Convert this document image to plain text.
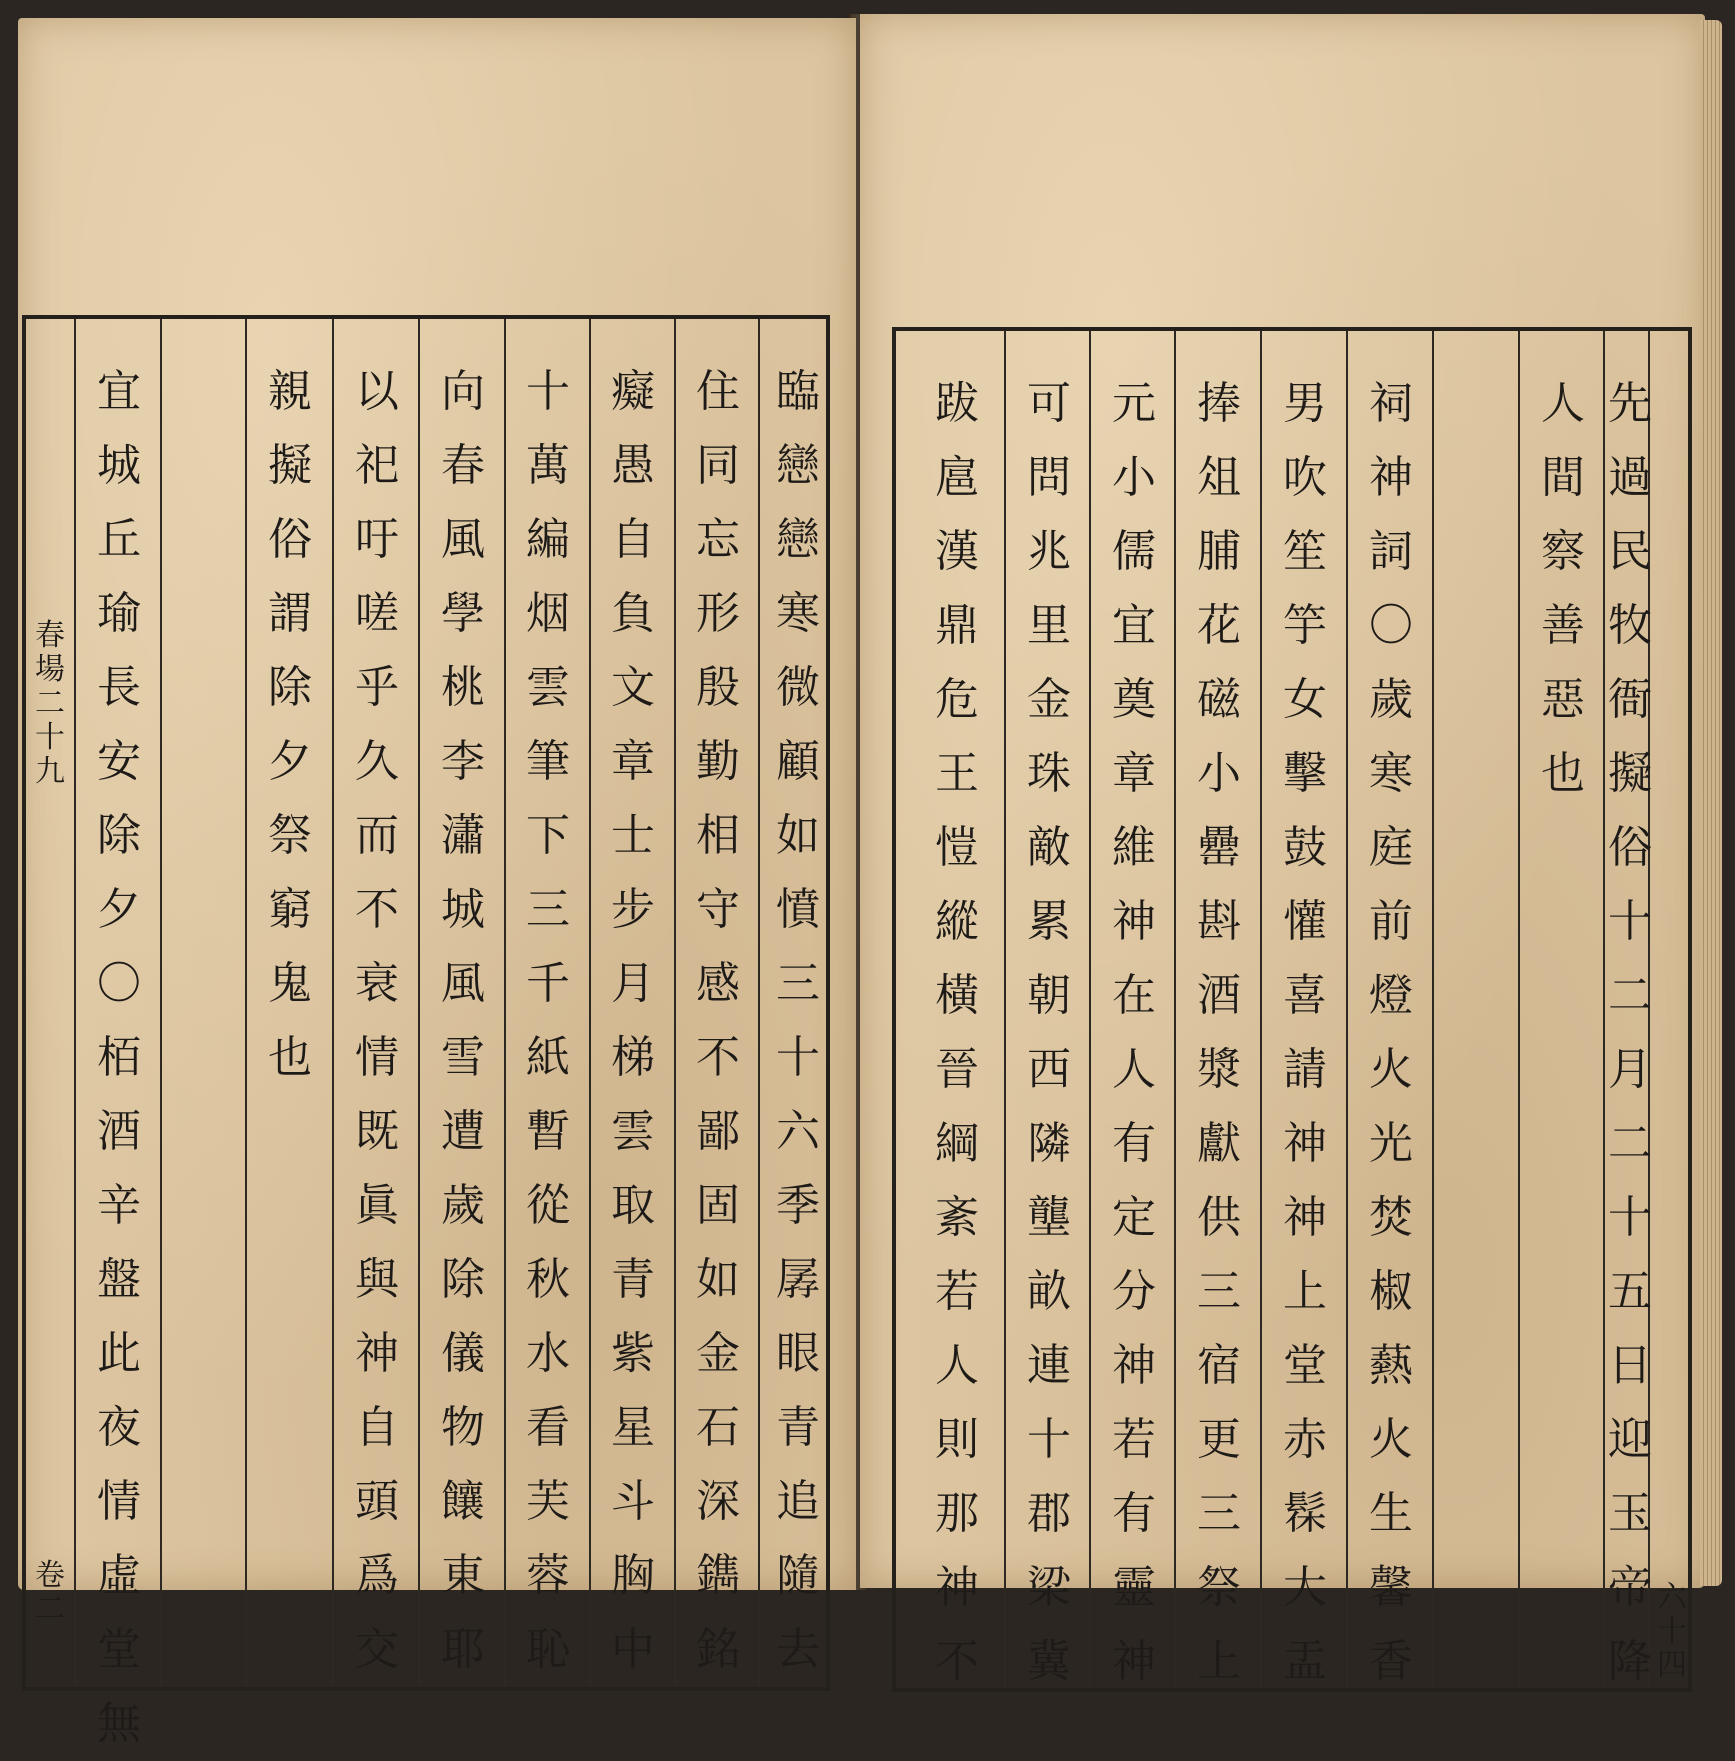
臨
戀
戀
寒
微
顧
如
憤
三
十
六
季
孱
眼
青
追
隨
去
住
同
忘
形
殷
勤
相
守
感
不
鄙
固
如
金
石
深
鐫
銘
癡
愚
自
負
文
章
士
步
月
梯
雲
取
青
紫
星
斗
胸
中
十
萬
編
烟
雲
筆
下
三
千
紙
暫
從
秋
水
看
芙
蓉
恥
向
春
風
學
桃
李
瀟
城
風
雪
遭
歲
除
儀
物
饟
東
耶
以
祀
吁
嗟
乎
久
而
不
衰
情
既
眞
與
神
自
頭
爲
交
親
擬
俗
謂
除
夕
祭
窮
鬼
也
宜
城
丘
瑜
長
安
除
夕
〇
栢
酒
辛
盤
此
夜
情
虛
堂
無
春
場
二
十
九
卷
二
先
過
民
牧
衙
擬
俗
十
二
月
二
十
五
日
迎
玉
帝
降
人
間
察
善
惡
也
祠
神
詞
〇
歲
寒
庭
前
燈
火
光
焚
椒
爇
火
生
馨
香
男
吹
笙
竽
女
擊
鼓
懽
喜
請
神
神
上
堂
赤
髹
大
盂
捧
俎
脯
花
磁
小
罍
斟
酒
漿
獻
供
三
宿
更
三
祭
上
元
小
儒
宜
奠
章
維
神
在
人
有
定
分
神
若
有
靈
神
可
問
兆
里
金
珠
敵
累
朝
西
隣
壟
畝
連
十
郡
梁
冀
跋
扈
漢
鼎
危
王
愷
縱
橫
晉
綱
紊
若
人
則
那
神
不
六
十
四
